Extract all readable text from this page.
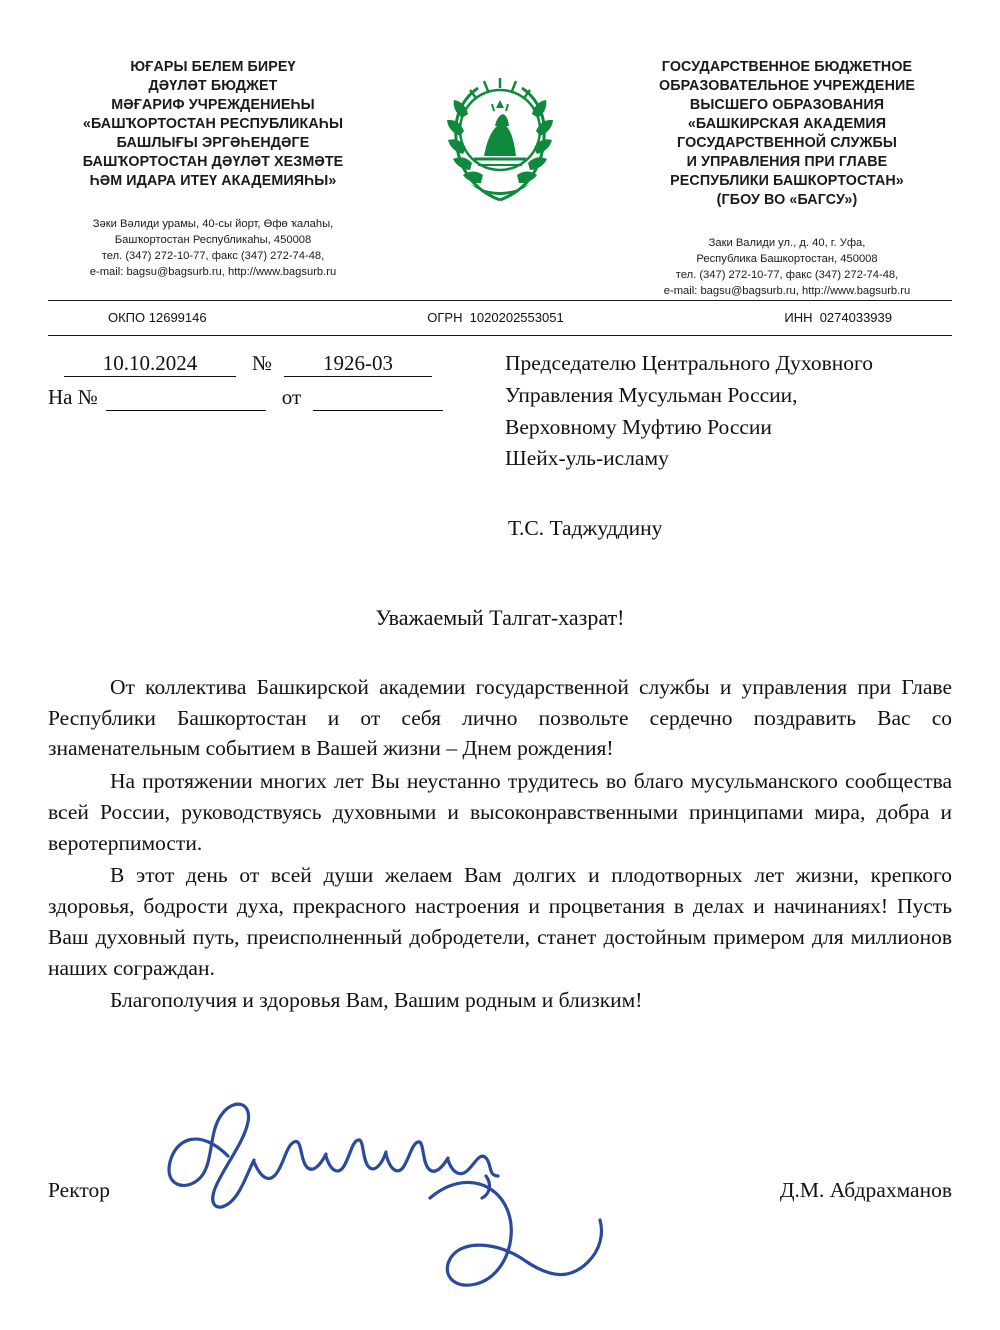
ЮҒАРЫ БЕЛЕМ БИРЕҮ
ДӘҮЛӘТ БЮДЖЕТ
МӘҒАРИФ УЧРЕЖДЕНИЕҺЫ
«БАШҠОРТОСТАН РЕСПУБЛИКАҺЫ
БАШЛЫҒЫ ЭРГӘҺЕНДӘГЕ
БАШҠОРТОСТАН ДӘҮЛӘТ ХЕЗМӘТЕ
ҺӘМ ИДАРА ИТЕҮ АКАДЕМИЯҺЫ»
Зәки Вәлиди урамы, 40-сы йорт, Өфө ҡалаһы,
Башҡортостан Республикаһы, 450008
тел. (347) 272-10-77, факс (347) 272-74-48,
e-mail: bagsu@bagsurb.ru, http://www.bagsurb.ru
ГОСУДАРСТВЕННОЕ БЮДЖЕТНОЕ
ОБРАЗОВАТЕЛЬНОЕ УЧРЕЖДЕНИЕ
ВЫСШЕГО ОБРАЗОВАНИЯ
«БАШКИРСКАЯ АКАДЕМИЯ
ГОСУДАРСТВЕННОЙ СЛУЖБЫ
И УПРАВЛЕНИЯ ПРИ ГЛАВЕ
РЕСПУБЛИКИ БАШКОРТОСТАН»
(ГБОУ ВО «БАГСУ»)
Заки Валиди ул., д. 40, г. Уфа,
Республика Башкортостан, 450008
тел. (347) 272-10-77, факс (347) 272-74-48,
e-mail: bagsu@bagsurb.ru, http://www.bagsurb.ru
ОКПО 12699146	ОГРН  1020202553051	ИНН  0274033939
10.10.2024	№	1926-03
На №
	от

Председателю Центрального Духовного
Управления Мусульман России,
Верховному Муфтию России
Шейх-уль-исламу
Т.С. Таджуддину
Уважаемый Талгат-хазрат!

От коллектива Башкирской академии государственной службы и управления при Главе Республики Башкортостан и от себя лично позвольте сердечно поздравить Вас со знаменательным событием в Вашей жизни – Днем рождения!

На протяжении многих лет Вы неустанно трудитесь во благо мусульманского сообщества всей России, руководствуясь духовными и высоконравственными принципами мира, добра и веротерпимости.

В этот день от всей души желаем Вам долгих и плодотворных лет жизни, крепкого здоровья, бодрости духа, прекрасного настроения и процветания в делах и начинаниях! Пусть Ваш духовный путь, преисполненный добродетели, станет достойным примером для миллионов наших сограждан.

Благополучия и здоровья Вам, Вашим родным и близким!

Ректор	Д.М. Абдрахманов
